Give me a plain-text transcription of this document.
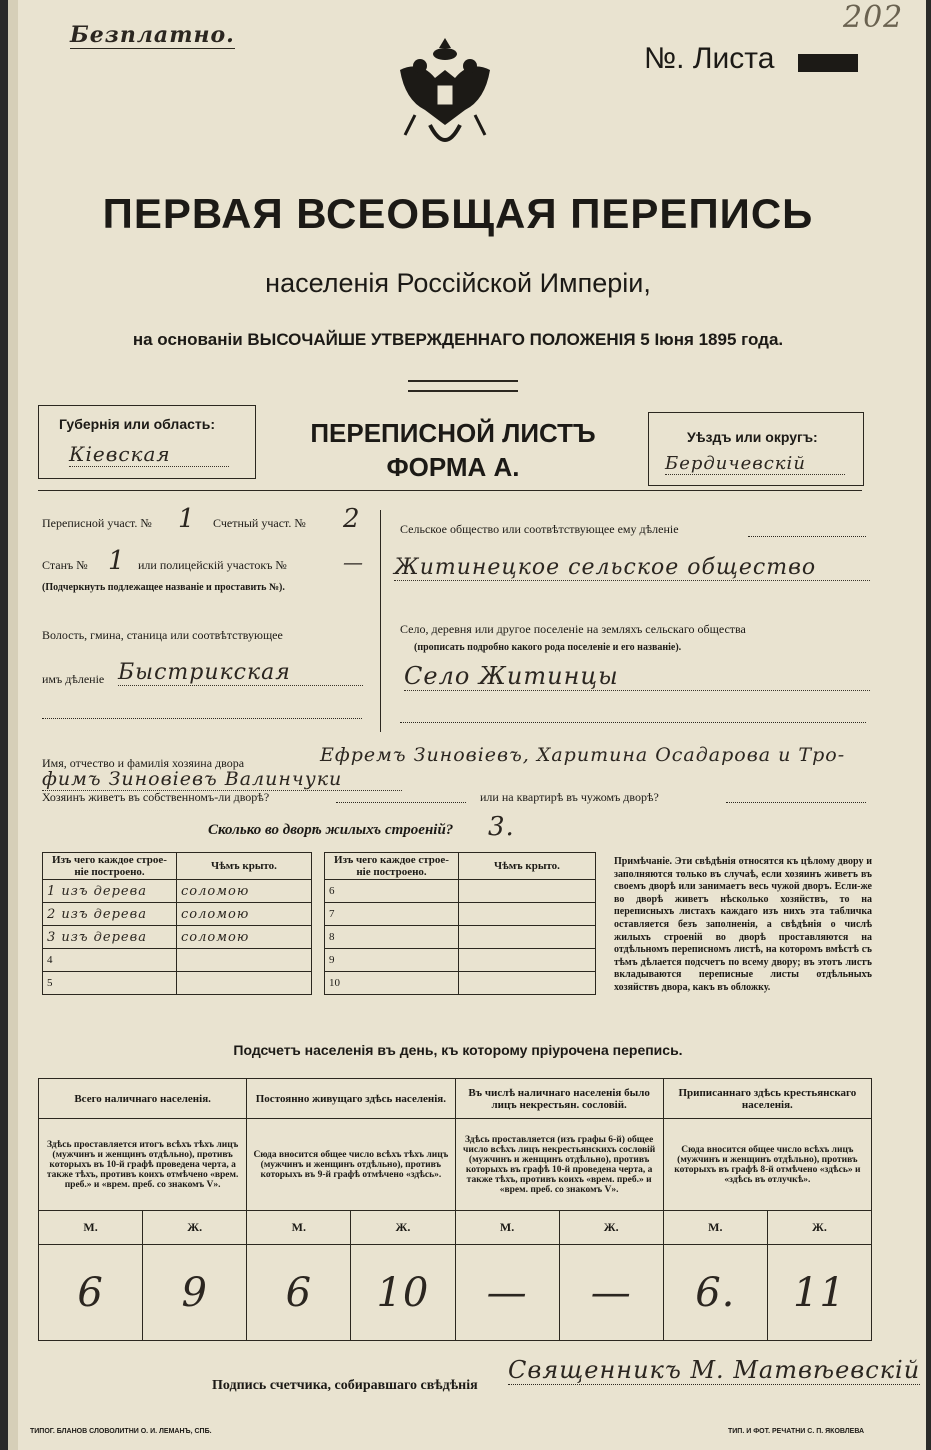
Безплатно.
№. Листа
202
ПЕРВАЯ ВСЕОБЩАЯ ПЕРЕПИСЬ
населенія Россійской Имперіи,
на основаніи ВЫСОЧАЙШЕ УТВЕРЖДЕННАГО ПОЛОЖЕНІЯ 5 Іюня 1895 года.
Губернія или область:
Кiевская
ПЕРЕПИСНОЙ ЛИСТЪ
ФОРМА А.
Уѣздъ или округъ:
Бердичевскiй
Переписной участ. № 1 Счетный участ. № 2
Станъ № 1 или полицейскій участокъ №	—
(Подчеркнуть подлежащее названіе и проставить №).
Волость, гмина, станица или соотвѣтствующее
имъ дѣленіе Быстрикская
Сельское общество или соотвѣтствующее ему дѣленіе
Житинецкое сельское общество
Село, деревня или другое поселеніе на земляхъ сельскаго общества
(прописать подробно какого рода поселеніе и его названіе).
Село Житинцы
Имя, отчество и фамилія хозяина двора	Ефремъ Зиновiевъ, Харитина Осадарова и Тро-
фимъ Зиновiевъ Валинчуки
Хозяинъ живетъ въ собственномъ-ли дворѣ?	или на квартирѣ въ чужомъ дворѣ?
Сколько во дворѣ жилыхъ строеній? 3.
Изъ чего каждое строе-ніе построено.	Чѣмъ крыто.
1 изъ дерева	соломою
2 изъ дерева	соломою
3 изъ дерева	соломою
4	
5	
Изъ чего каждое строе-ніе построено.	Чѣмъ крыто.
6	
7	
8	
9	
10	
Примѣчаніе. Эти свѣдѣнія относятся къ цѣлому двору и заполняются только въ случаѣ, если хозяинъ живетъ въ своемъ дворѣ или занимаетъ весь чужой дворъ. Если-же во дворѣ живетъ нѣсколько хозяйствъ, то на переписныхъ листахъ каждаго изъ нихъ эта табличка оставляется безъ заполненія, а свѣдѣнія о числѣ жилыхъ строеній во дворѣ проставляются на отдѣльномъ переписномъ листѣ, на которомъ вмѣстѣ съ тѣмъ дѣлается подсчетъ по всему двору; въ этотъ листъ вкладываются переписные листы отдѣльныхъ хозяйствъ двора, какъ въ обложку.
Подсчетъ населенія въ день, къ которому пріурочена перепись.
Всего наличнаго населенія.		Постоянно живущаго здѣсь населенія.		Въ числѣ наличнаго населенія было лицъ некрестьян. сословій.		Приписаннаго здѣсь крестьянскаго населенія.	
Здѣсь проставляется итогъ всѣхъ тѣхъ лицъ (мужчинъ и женщинъ отдѣльно), противъ которыхъ въ 10-й графѣ проведена черта, а также тѣхъ, противъ коихъ отмѣчено «врем. преб.» и «врем. преб. со знакомъ V».		Сюда вносится общее число всѣхъ тѣхъ лицъ (мужчинъ и женщинъ отдѣльно), противъ которыхъ въ 9-й графѣ отмѣчено «здѣсь».		Здѣсь проставляется (изъ графы 6-й) общее число всѣхъ лицъ некрестьянскихъ сословій (мужчинъ и женщинъ отдѣльно), противъ которыхъ въ графѣ 10-й проведена черта, а также тѣхъ, противъ коихъ «врем. преб.» и «врем. преб. со знакомъ V».		Сюда вносится общее число всѣхъ лицъ (мужчинъ и женщинъ отдѣльно), противъ которыхъ въ графѣ 8-й отмѣчено «здѣсь» и «здѣсь въ отлучкѣ».	
М.	Ж.	М.	Ж.	М.	Ж.	М.	Ж.
6	9	6	10	—	—	6.	11
Подпись счетчика, собиравшаго свѣдѣнія
Священникъ М. Матвѣевскiй
ТИПОГ. БЛАНОВ СЛОВОЛИТНИ О. И. ЛЕМАНЪ, СПБ.	ТИП. И ФОТ. РЕЧАТНИ С. П. ЯКОВЛЕВА
